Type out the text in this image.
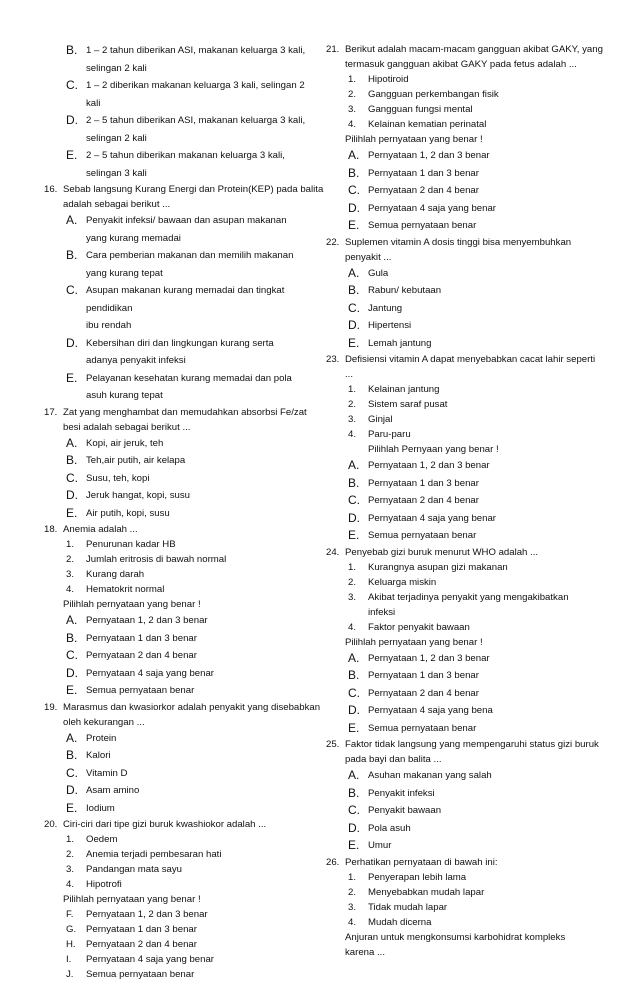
B. 1 – 2 tahun diberikan ASI, makanan keluarga 3 kali,
selingan 2 kali
C. 1 – 2 diberikan makanan keluarga 3 kali, selingan 2
kali
D. 2 – 5 tahun diberikan ASI, makanan keluarga 3 kali,
selingan 2 kali
E. 2 – 5 tahun diberikan makanan keluarga 3 kali,
selingan 3 kali
16. Sebab langsung Kurang Energi dan Protein(KEP) pada balita
adalah sebagai berikut ...
A. Penyakit infeksi/ bawaan dan asupan makanan
yang kurang memadai
B. Cara pemberian makanan dan memilih makanan
yang kurang tepat
C. Asupan makanan kurang memadai dan tingkat pendidikan
ibu rendah
D. Kebersihan diri dan lingkungan kurang serta
adanya penyakit infeksi
E. Pelayanan kesehatan kurang memadai dan pola
asuh kurang tepat
17. Zat yang menghambat dan memudahkan absorbsi Fe/zat
besi adalah sebagai berikut ...
A. Kopi, air jeruk, teh
B. Teh,air putih, air kelapa
C. Susu, teh, kopi
D. Jeruk hangat, kopi, susu
E. Air putih, kopi, susu
18. Anemia adalah ...
1. Penurunan kadar HB
2. Jumlah eritrosis di bawah normal
3. Kurang darah
4. Hematokrit normal
Pilihlah pernyataan yang benar !
A. Pernyataan 1, 2 dan 3 benar
B. Pernyataan 1 dan 3 benar
C. Pernyataan 2 dan 4 benar
D. Pernyataan 4 saja yang benar
E. Semua pernyataan benar
19. Marasmus dan kwasiorkor adalah penyakit yang disebabkan
oleh kekurangan ...
A. Protein
B. Kalori
C. Vitamin D
D. Asam amino
E. Iodium
20. Ciri-ciri dari tipe gizi buruk kwashiokor adalah ...
1. Oedem
2. Anemia terjadi pembesaran hati
3. Pandangan mata sayu
4. Hipotrofi
Pilihlah pernyataan yang benar !
F. Pernyataan 1, 2 dan 3 benar
G. Pernyataan 1 dan 3 benar
H. Pernyataan 2 dan 4 benar
I. Pernyataan 4 saja yang benar
J. Semua pernyataan benar
21. Berikut adalah macam-macam gangguan akibat GAKY, yang
termasuk gangguan akibat GAKY pada fetus adalah ...
1. Hipotiroid
2. Gangguan perkembangan fisik
3. Gangguan fungsi mental
4. Kelainan kematian perinatal
Pilihlah pernyataan yang benar !
A. Pernyataan 1, 2 dan 3 benar
B. Pernyataan 1 dan 3 benar
C. Pernyataan 2 dan 4 benar
D. Pernyataan 4 saja yang benar
E. Semua pernyataan benar
22. Suplemen vitamin A dosis tinggi bisa menyembuhkan
penyakit ...
A. Gula
B. Rabun/ kebutaan
C. Jantung
D. Hipertensi
E. Lemah jantung
23. Defisiensi vitamin A dapat menyebabkan cacat lahir seperti
...
1. Kelainan jantung
2. Sistem saraf pusat
3. Ginjal
4. Paru-paru
Pilihlah Pernyaan yang benar !
A. Pernyataan 1, 2 dan 3 benar
B. Pernyataan 1 dan 3 benar
C. Pernyataan 2 dan 4 benar
D. Pernyataan 4 saja yang benar
E. Semua pernyataan benar
24. Penyebab gizi buruk menurut WHO adalah ...
1. Kurangnya asupan gizi makanan
2. Keluarga miskin
3. Akibat terjadinya penyakit yang mengakibatkan
infeksi
4. Faktor penyakit bawaan
Pilihlah pernyataan yang benar !
A. Pernyataan 1, 2 dan 3 benar
B. Pernyataan 1 dan 3 benar
C. Pernyataan 2 dan 4 benar
D. Pernyataan 4 saja yang bena
E. Semua pernyataan benar
25. Faktor tidak langsung yang mempengaruhi status gizi buruk
pada bayi dan balita ...
A. Asuhan makanan yang salah
B. Penyakit infeksi
C. Penyakit bawaan
D. Pola asuh
E. Umur
26. Perhatikan pernyataan di bawah ini:
1. Penyerapan lebih lama
2. Menyebabkan mudah lapar
3. Tidak mudah lapar
4. Mudah dicerna
Anjuran untuk mengkonsumsi karbohidrat kompleks
karena ...
